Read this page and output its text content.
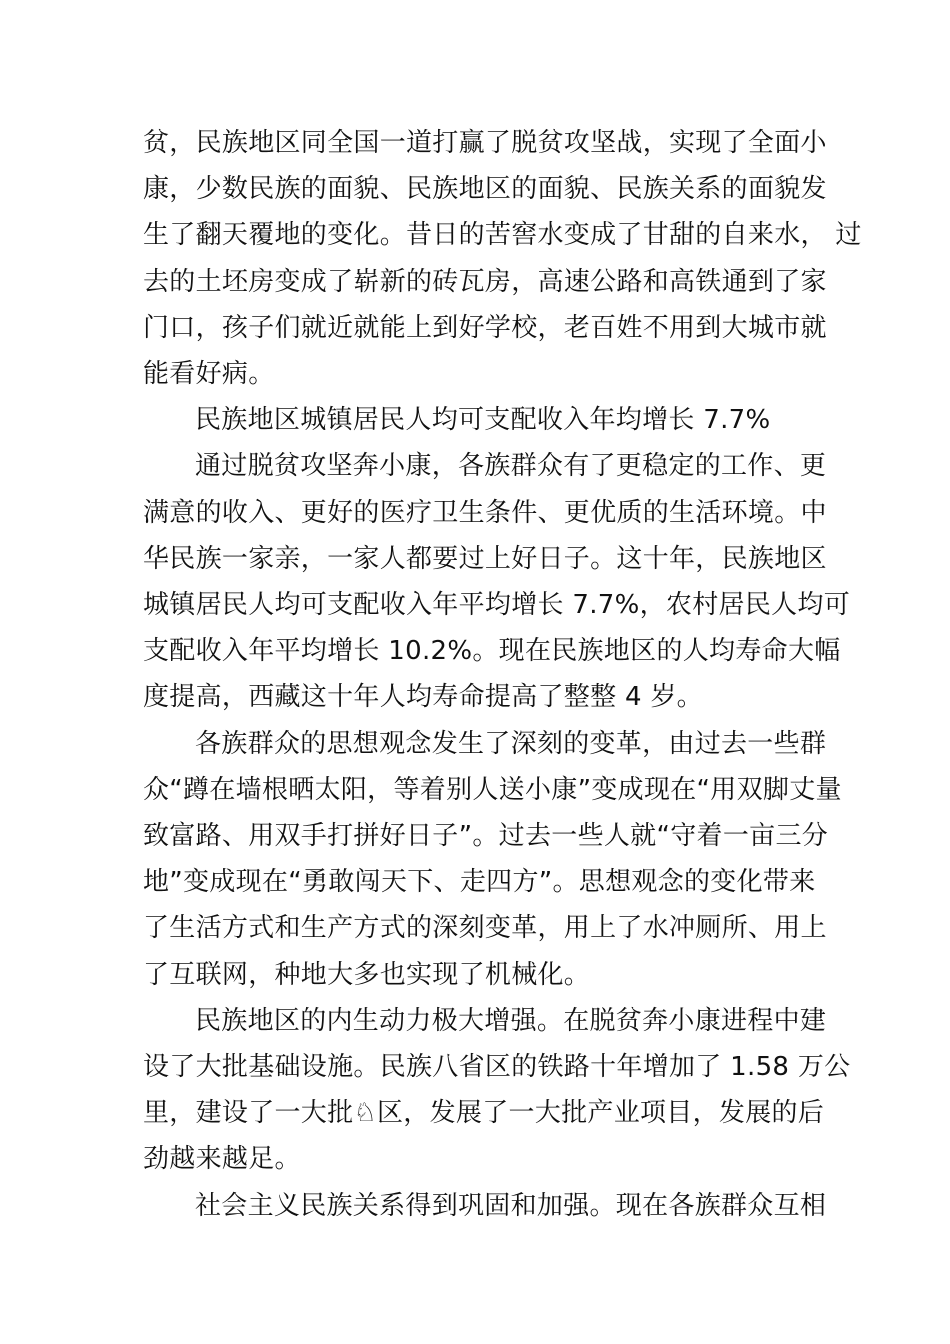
贫，民族地区同全国一道打赢了脱贫攻坚战，实现了全面小
康，少数民族的面貌、民族地区的面貌、民族关系的面貌发
生了翻天覆地的变化。昔日的苦窖水变成了甘甜的自来水， 过
去的土坯房变成了崭新的砖瓦房，高速公路和高铁通到了家
门口，孩子们就近就能上到好学校，老百姓不用到大城市就
能看好病。

民族地区城镇居民人均可支配收入年均增长 7.7%

通过脱贫攻坚奔小康，各族群众有了更稳定的工作、更
满意的收入、更好的医疗卫生条件、更优质的生活环境。中
华民族一家亲，一家人都要过上好日子。这十年，民族地区
城镇居民人均可支配收入年平均增长 7.7%，农村居民人均可
支配收入年平均增长 10.2%。现在民族地区的人均寿命大幅
度提高，西藏这十年人均寿命提高了整整 4 岁。

各族群众的思想观念发生了深刻的变革，由过去一些群
众“蹲在墙根晒太阳，等着别人送小康”变成现在“用双脚丈量
致富路、用双手打拼好日子”。过去一些人就“守着一亩三分
地”变成现在“勇敢闯天下、走四方”。思想观念的变化带来
了生活方式和生产方式的深刻变革，用上了水冲厕所、用上
了互联网，种地大多也实现了机械化。

民族地区的内生动力极大增强。在脱贫奔小康进程中建
设了大批基础设施。民族八省区的铁路十年增加了 1.58 万公
里，建设了一大批♘区，发展了一大批产业项目，发展的后
劲越来越足。

社会主义民族关系得到巩固和加强。现在各族群众互相
